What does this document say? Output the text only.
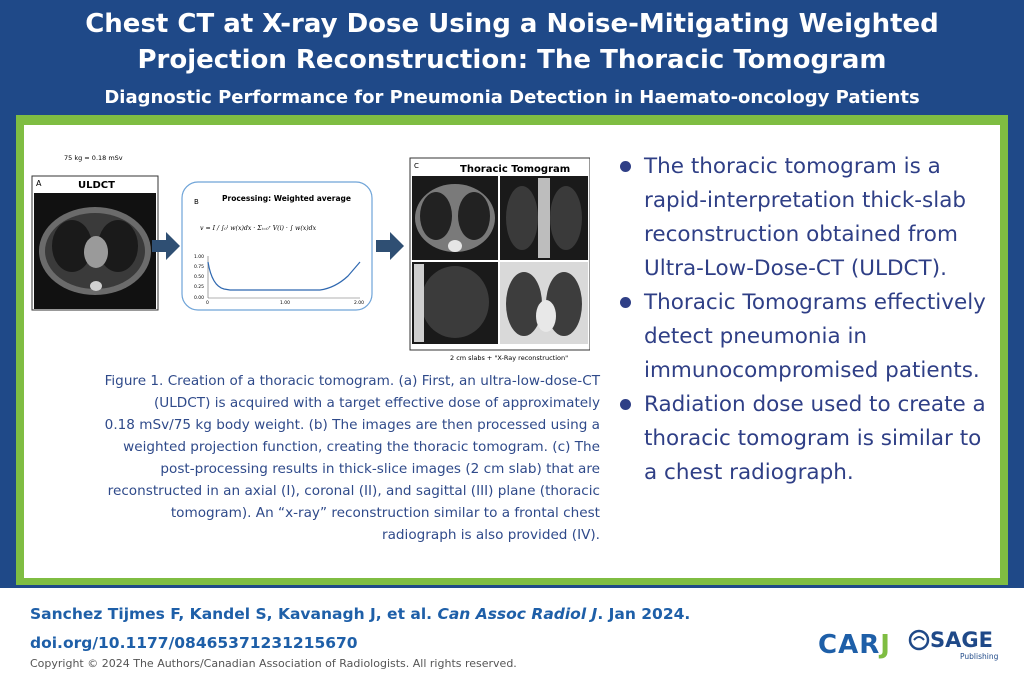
Chest CT at X-ray Dose Using a Noise-Mitigating Weighted
Projection Reconstruction: The Thoracic Tomogram
Diagnostic Performance for Pneumonia Detection in Haemato-oncology Patients
75 kg = 0.18 mSv
A	ULDCT
B	Processing: Weighted average
v = I / ∫₀ˡ w(x)dx · Σᵢ₌₀ʳ V(i) · ∫ w(x)dx
1.00
0.75
0.50
0.25
0.00
0	1.00	2.00
C	Thoracic Tomogram
2 cm slabs + "X-Ray reconstruction"

Figure 1. Creation of a thoracic tomogram. (a) First, an ultra-low-dose-CT
(ULDCT) is acquired with a target effective dose of approximately
0.18 mSv/75 kg body weight. (b) The images are then processed using a
weighted projection function, creating the thoracic tomogram. (c) The
post-processing results in thick-slice images (2 cm slab) that are
reconstructed in an axial (I), coronal (II), and sagittal (III) plane (thoracic
tomogram). An “x-ray” reconstruction similar to a frontal chest
radiograph is also provided (IV).

The thoracic tomogram is a rapid-interpretation thick-slab reconstruction obtained from Ultra-Low-Dose-CT (ULDCT).
Thoracic Tomograms effectively detect pneumonia in immunocompromised patients.
Radiation dose used to create a thoracic tomogram is similar to a chest radiograph.
Sanchez Tijmes F, Kandel S, Kavanagh J, et al. Can Assoc Radiol J. Jan 2024.
doi.org/10.1177/08465371231215670
Copyright © 2024 The Authors/Canadian Association of Radiologists. All rights reserved.
CARJ SAGE
Publishing
